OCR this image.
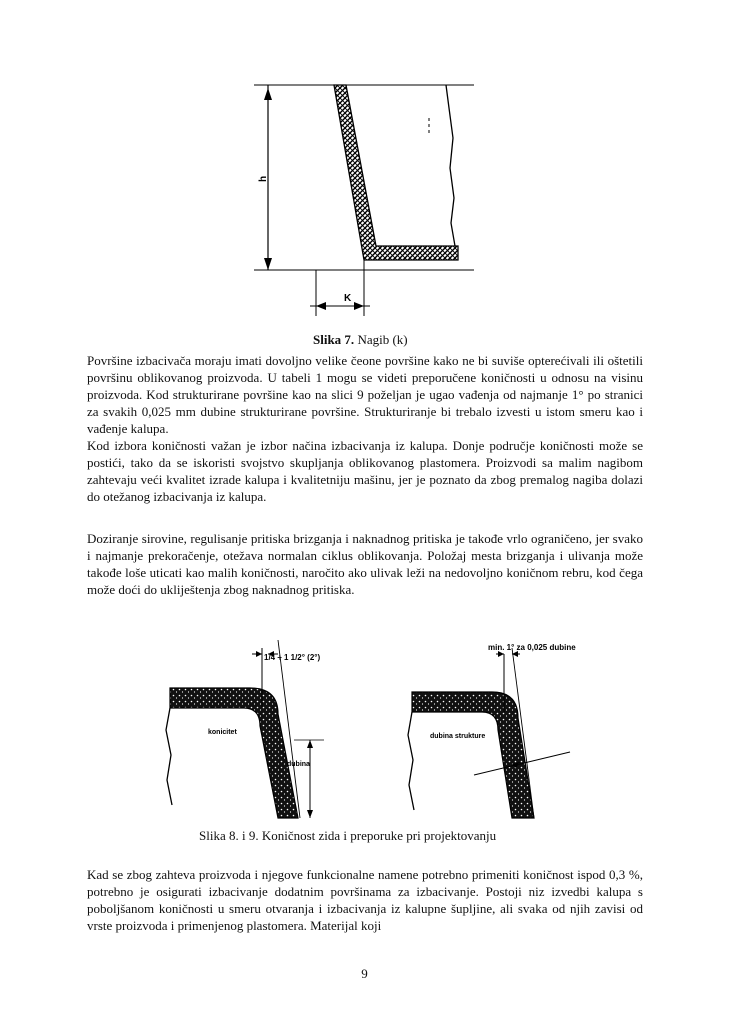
h
K
Slika 7. Nagib (k)

Površine izbacivača moraju imati dovoljno velike čeone površine kako ne bi suviše opterećivali ili oštetili površinu oblikovanog proizvoda. U tabeli 1 mogu se videti preporučene koničnosti u odnosu na visinu proizvoda. Kod strukturirane površine kao na slici 9 poželjan je ugao vađenja od najmanje 1° po stranici za svakih 0,025 mm dubine strukturirane površine. Strukturiranje bi trebalo izvesti u istom smeru kao i vađenje kalupa.

Kod izbora koničnosti važan je izbor načina izbacivanja iz kalupa. Donje područje koničnosti može se postići, tako da se iskoristi svojstvo skupljanja oblikovanog plastomera. Proizvodi sa malim nagibom zahtevaju veći kvalitet izrade kalupa i kvalitetniju mašinu, jer je poznato da zbog premalog nagiba dolazi do otežanog izbacivanja iz kalupa.

Doziranje sirovine, regulisanje pritiska brizganja i naknadnog pritiska je takođe vrlo ograničeno, jer svako i najmanje prekoračenje, otežava normalan ciklus oblikovanja. Položaj mesta brizganja i ulivanja može takođe loše uticati kao malih koničnosti, naročito ako ulivak leži na nedovoljno koničnom rebru, kod čega može doći do ukliještenja zbog naknadnog pritiska.

1/4 ÷ 1 1/2° (2°)
dubina
konicitet
min. 1° za 0,025 dubine
dubina strukture
Slika 8. i 9. Koničnost zida i preporuke pri projektovanju

Kad se zbog zahteva proizvoda i njegove funkcionalne namene potrebno primeniti koničnost ispod 0,3 %, potrebno je osigurati izbacivanje dodatnim površinama za izbacivanje. Postoji niz izvedbi kalupa s poboljšanom koničnosti u smeru otvaranja i izbacivanja iz kalupne šupljine, ali svaka od njih zavisi od vrste proizvoda i primenjenog plastomera. Materijal koji

9
